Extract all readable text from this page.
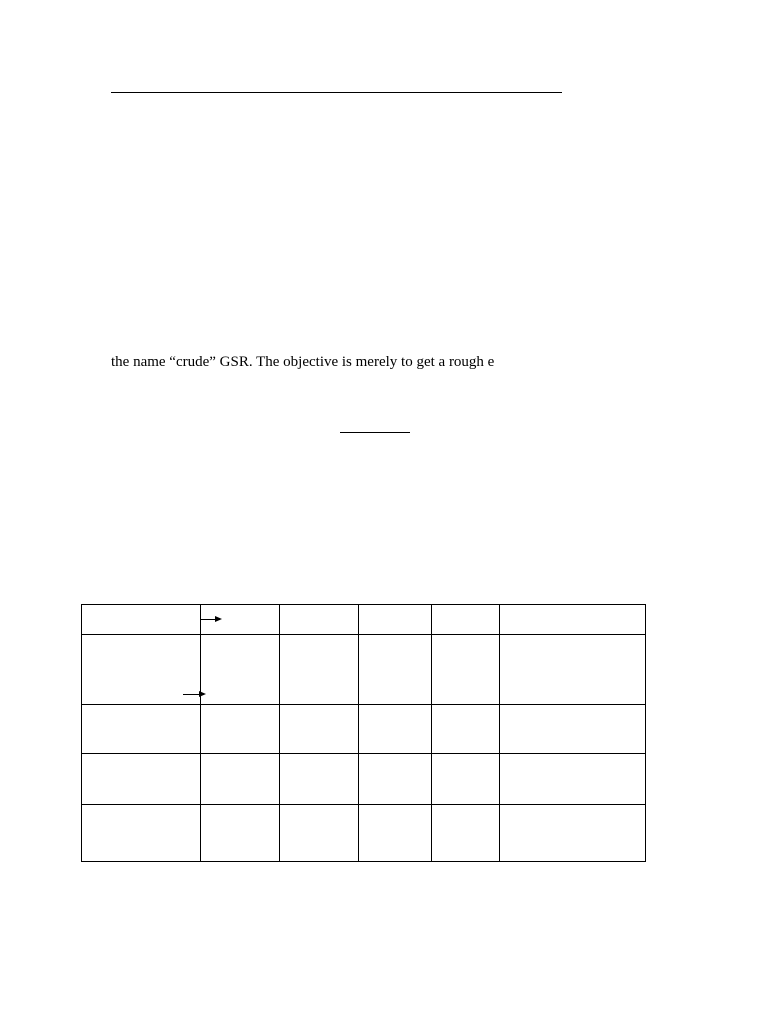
the name “crude” GSR. The objective is merely to get a rough e
